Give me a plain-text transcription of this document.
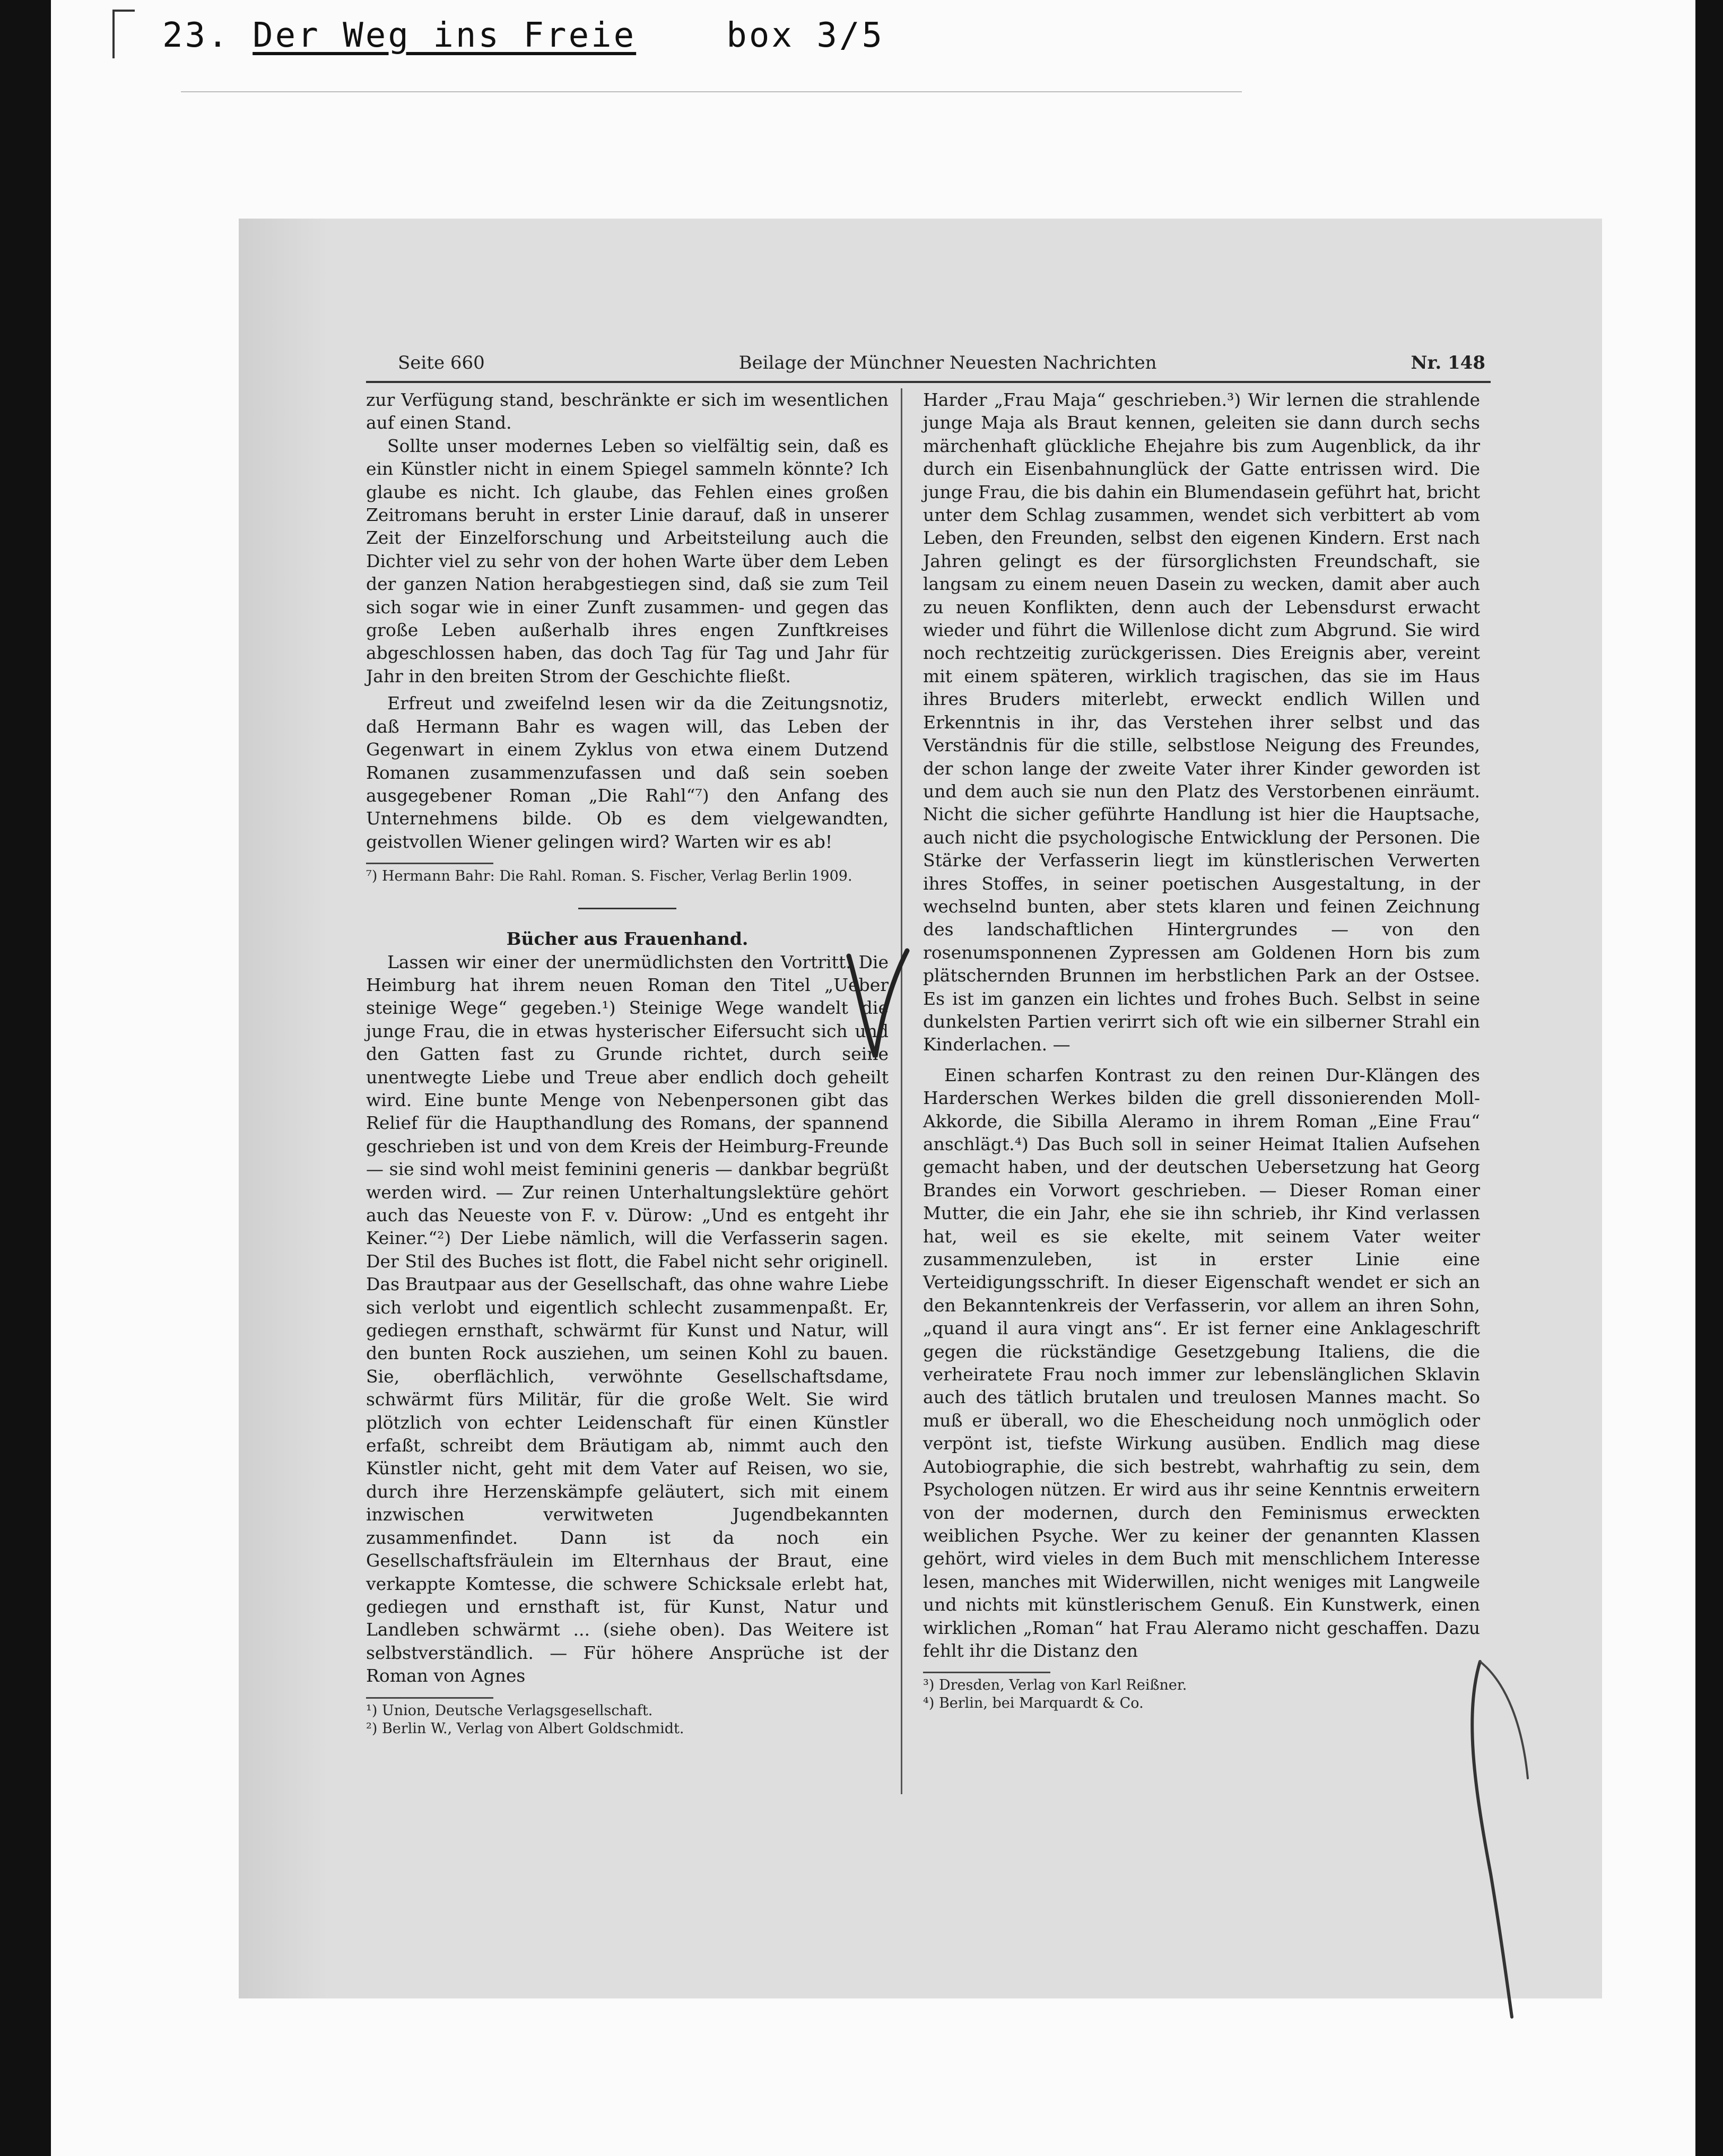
23. Der Weg ins Freie	box 3/5
Seite 660	Beilage der Münchner Neuesten Nachrichten	Nr. 148

zur Verfügung stand, beschränkte er sich im wesentlichen auf einen Stand.

Sollte unser modernes Leben so vielfältig sein, daß es ein Künstler nicht in einem Spiegel sammeln könnte? Ich glaube es nicht. Ich glaube, das Fehlen eines großen Zeitromans beruht in erster Linie darauf, daß in unserer Zeit der Einzelforschung und Arbeitsteilung auch die Dichter viel zu sehr von der hohen Warte über dem Leben der ganzen Nation herabgestiegen sind, daß sie zum Teil sich sogar wie in einer Zunft zusammen- und gegen das große Leben außerhalb ihres engen Zunftkreises abgeschlossen haben, das doch Tag für Tag und Jahr für Jahr in den breiten Strom der Geschichte fließt.

Erfreut und zweifelnd lesen wir da die Zeitungsnotiz, daß Hermann Bahr es wagen will, das Leben der Gegenwart in einem Zyklus von etwa einem Dutzend Romanen zusammenzufassen und daß sein soeben ausgegebener Roman „Die Rahl“⁷) den Anfang des Unternehmens bilde. Ob es dem vielgewandten, geistvollen Wiener gelingen wird? Warten wir es ab!

⁷) Hermann Bahr: Die Rahl. Roman. S. Fischer, Verlag Berlin 1909.

Bücher aus Frauenhand.

Lassen wir einer der unermüdlichsten den Vortritt. Die Heimburg hat ihrem neuen Roman den Titel „Ueber steinige Wege“ gegeben.¹) Steinige Wege wandelt die junge Frau, die in etwas hysterischer Eifersucht sich und den Gatten fast zu Grunde richtet, durch seine unentwegte Liebe und Treue aber endlich doch geheilt wird. Eine bunte Menge von Nebenpersonen gibt das Relief für die Haupthandlung des Romans, der spannend geschrieben ist und von dem Kreis der Heimburg-Freunde — sie sind wohl meist feminini generis — dankbar begrüßt werden wird. — Zur reinen Unterhaltungslektüre gehört auch das Neueste von F. v. Dürow: „Und es entgeht ihr Keiner.“²) Der Liebe nämlich, will die Verfasserin sagen. Der Stil des Buches ist flott, die Fabel nicht sehr originell. Das Brautpaar aus der Gesellschaft, das ohne wahre Liebe sich verlobt und eigentlich schlecht zusammenpaßt. Er, gediegen ernsthaft, schwärmt für Kunst und Natur, will den bunten Rock ausziehen, um seinen Kohl zu bauen. Sie, oberflächlich, verwöhnte Gesellschaftsdame, schwärmt fürs Militär, für die große Welt. Sie wird plötzlich von echter Leidenschaft für einen Künstler erfaßt, schreibt dem Bräutigam ab, nimmt auch den Künstler nicht, geht mit dem Vater auf Reisen, wo sie, durch ihre Herzenskämpfe geläutert, sich mit einem inzwischen verwitweten Jugendbekannten zusammenfindet. Dann ist da noch ein Gesellschaftsfräulein im Elternhaus der Braut, eine verkappte Komtesse, die schwere Schicksale erlebt hat, gediegen und ernsthaft ist, für Kunst, Natur und Landleben schwärmt ... (siehe oben). Das Weitere ist selbstverständlich. — Für höhere Ansprüche ist der Roman von Agnes

¹) Union, Deutsche Verlagsgesellschaft.

²) Berlin W., Verlag von Albert Goldschmidt.

Harder „Frau Maja“ geschrieben.³) Wir lernen die strahlende junge Maja als Braut kennen, geleiten sie dann durch sechs märchenhaft glückliche Ehejahre bis zum Augenblick, da ihr durch ein Eisenbahnunglück der Gatte entrissen wird. Die junge Frau, die bis dahin ein Blumendasein geführt hat, bricht unter dem Schlag zusammen, wendet sich verbittert ab vom Leben, den Freunden, selbst den eigenen Kindern. Erst nach Jahren gelingt es der fürsorglichsten Freundschaft, sie langsam zu einem neuen Dasein zu wecken, damit aber auch zu neuen Konflikten, denn auch der Lebensdurst erwacht wieder und führt die Willenlose dicht zum Abgrund. Sie wird noch rechtzeitig zurückgerissen. Dies Ereignis aber, vereint mit einem späteren, wirklich tragischen, das sie im Haus ihres Bruders miterlebt, erweckt endlich Willen und Erkenntnis in ihr, das Verstehen ihrer selbst und das Verständnis für die stille, selbstlose Neigung des Freundes, der schon lange der zweite Vater ihrer Kinder geworden ist und dem auch sie nun den Platz des Verstorbenen einräumt. Nicht die sicher geführte Handlung ist hier die Hauptsache, auch nicht die psychologische Entwicklung der Personen. Die Stärke der Verfasserin liegt im künstlerischen Verwerten ihres Stoffes, in seiner poetischen Ausgestaltung, in der wechselnd bunten, aber stets klaren und feinen Zeichnung des landschaftlichen Hintergrundes — von den rosenumsponnenen Zypressen am Goldenen Horn bis zum plätschernden Brunnen im herbstlichen Park an der Ostsee. Es ist im ganzen ein lichtes und frohes Buch. Selbst in seine dunkelsten Partien verirrt sich oft wie ein silberner Strahl ein Kinderlachen. —

Einen scharfen Kontrast zu den reinen Dur-Klängen des Harderschen Werkes bilden die grell dissonierenden Moll-Akkorde, die Sibilla Aleramo in ihrem Roman „Eine Frau“ anschlägt.⁴) Das Buch soll in seiner Heimat Italien Aufsehen gemacht haben, und der deutschen Uebersetzung hat Georg Brandes ein Vorwort geschrieben. — Dieser Roman einer Mutter, die ein Jahr, ehe sie ihn schrieb, ihr Kind verlassen hat, weil es sie ekelte, mit seinem Vater weiter zusammenzuleben, ist in erster Linie eine Verteidigungsschrift. In dieser Eigenschaft wendet er sich an den Bekanntenkreis der Verfasserin, vor allem an ihren Sohn, „quand il aura vingt ans“. Er ist ferner eine Anklageschrift gegen die rückständige Gesetzgebung Italiens, die die verheiratete Frau noch immer zur lebenslänglichen Sklavin auch des tätlich brutalen und treulosen Mannes macht. So muß er überall, wo die Ehescheidung noch unmöglich oder verpönt ist, tiefste Wirkung ausüben. Endlich mag diese Autobiographie, die sich bestrebt, wahrhaftig zu sein, dem Psychologen nützen. Er wird aus ihr seine Kenntnis erweitern von der modernen, durch den Feminismus erweckten weiblichen Psyche. Wer zu keiner der genannten Klassen gehört, wird vieles in dem Buch mit menschlichem Interesse lesen, manches mit Widerwillen, nicht weniges mit Langweile und nichts mit künstlerischem Genuß. Ein Kunstwerk, einen wirklichen „Roman“ hat Frau Aleramo nicht geschaffen. Dazu fehlt ihr die Distanz den

³) Dresden, Verlag von Karl Reißner.

⁴) Berlin, bei Marquardt & Co.
